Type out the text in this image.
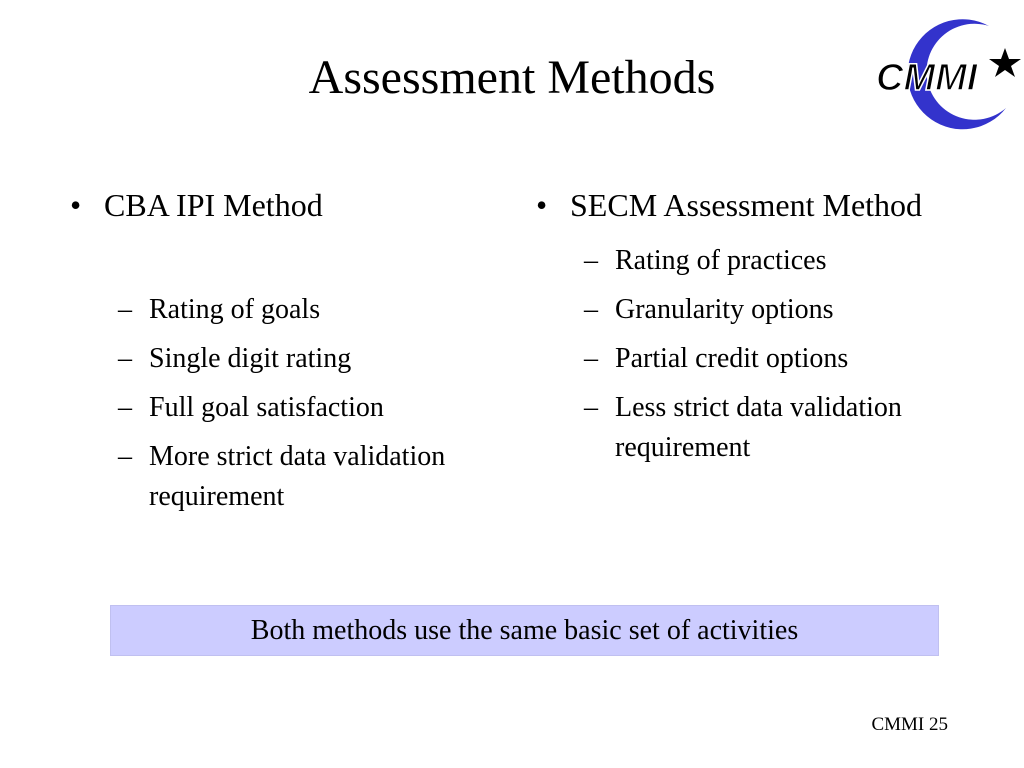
Assessment Methods	CMMI
• CBA IPI Method
– Rating of goals
– Single digit rating
– Full goal satisfaction
– More strict data validation requirement
• SECM Assessment Method
– Rating of practices
– Granularity options
– Partial credit options
– Less strict data validation requirement
Both methods use the same basic set of activities
CMMI 25
